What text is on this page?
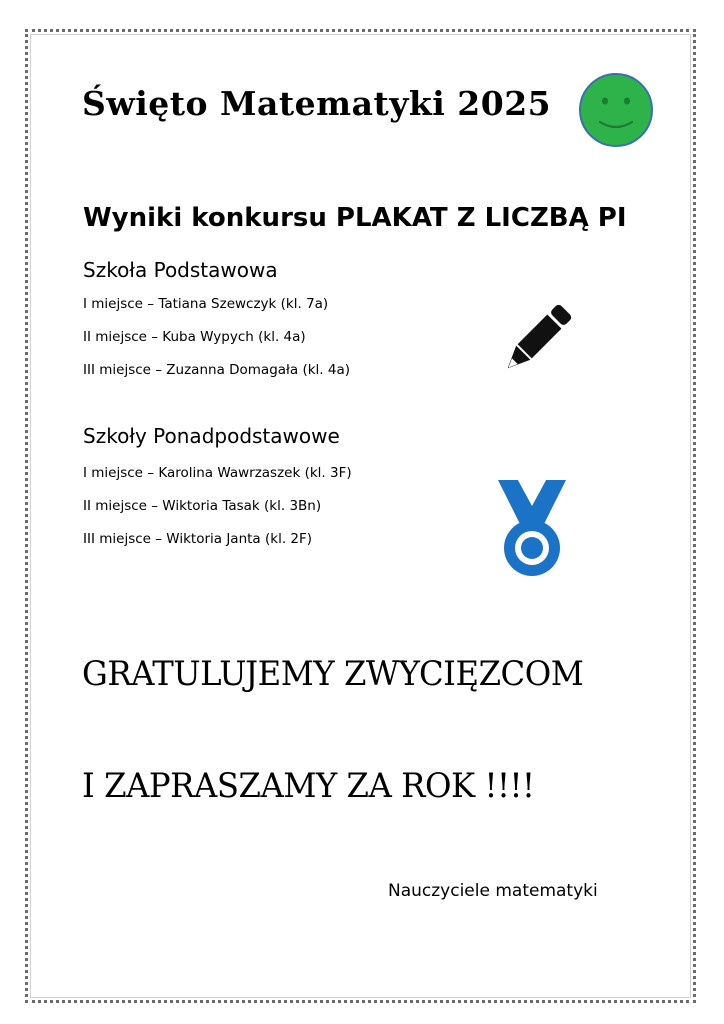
Święto Matematyki 2025
Wyniki konkursu PLAKAT Z LICZBĄ PI
Szkoła Podstawowa
I miejsce – Tatiana Szewczyk (kl. 7a)
II miejsce – Kuba Wypych (kl. 4a)
III miejsce – Zuzanna Domagała (kl. 4a)
Szkoły Ponadpodstawowe
I miejsce – Karolina Wawrzaszek (kl. 3F)
II miejsce – Wiktoria Tasak (kl. 3Bn)
III miejsce – Wiktoria Janta (kl. 2F)
GRATULUJEMY ZWYCIĘZCOM
I ZAPRASZAMY ZA ROK !!!!
Nauczyciele matematyki
